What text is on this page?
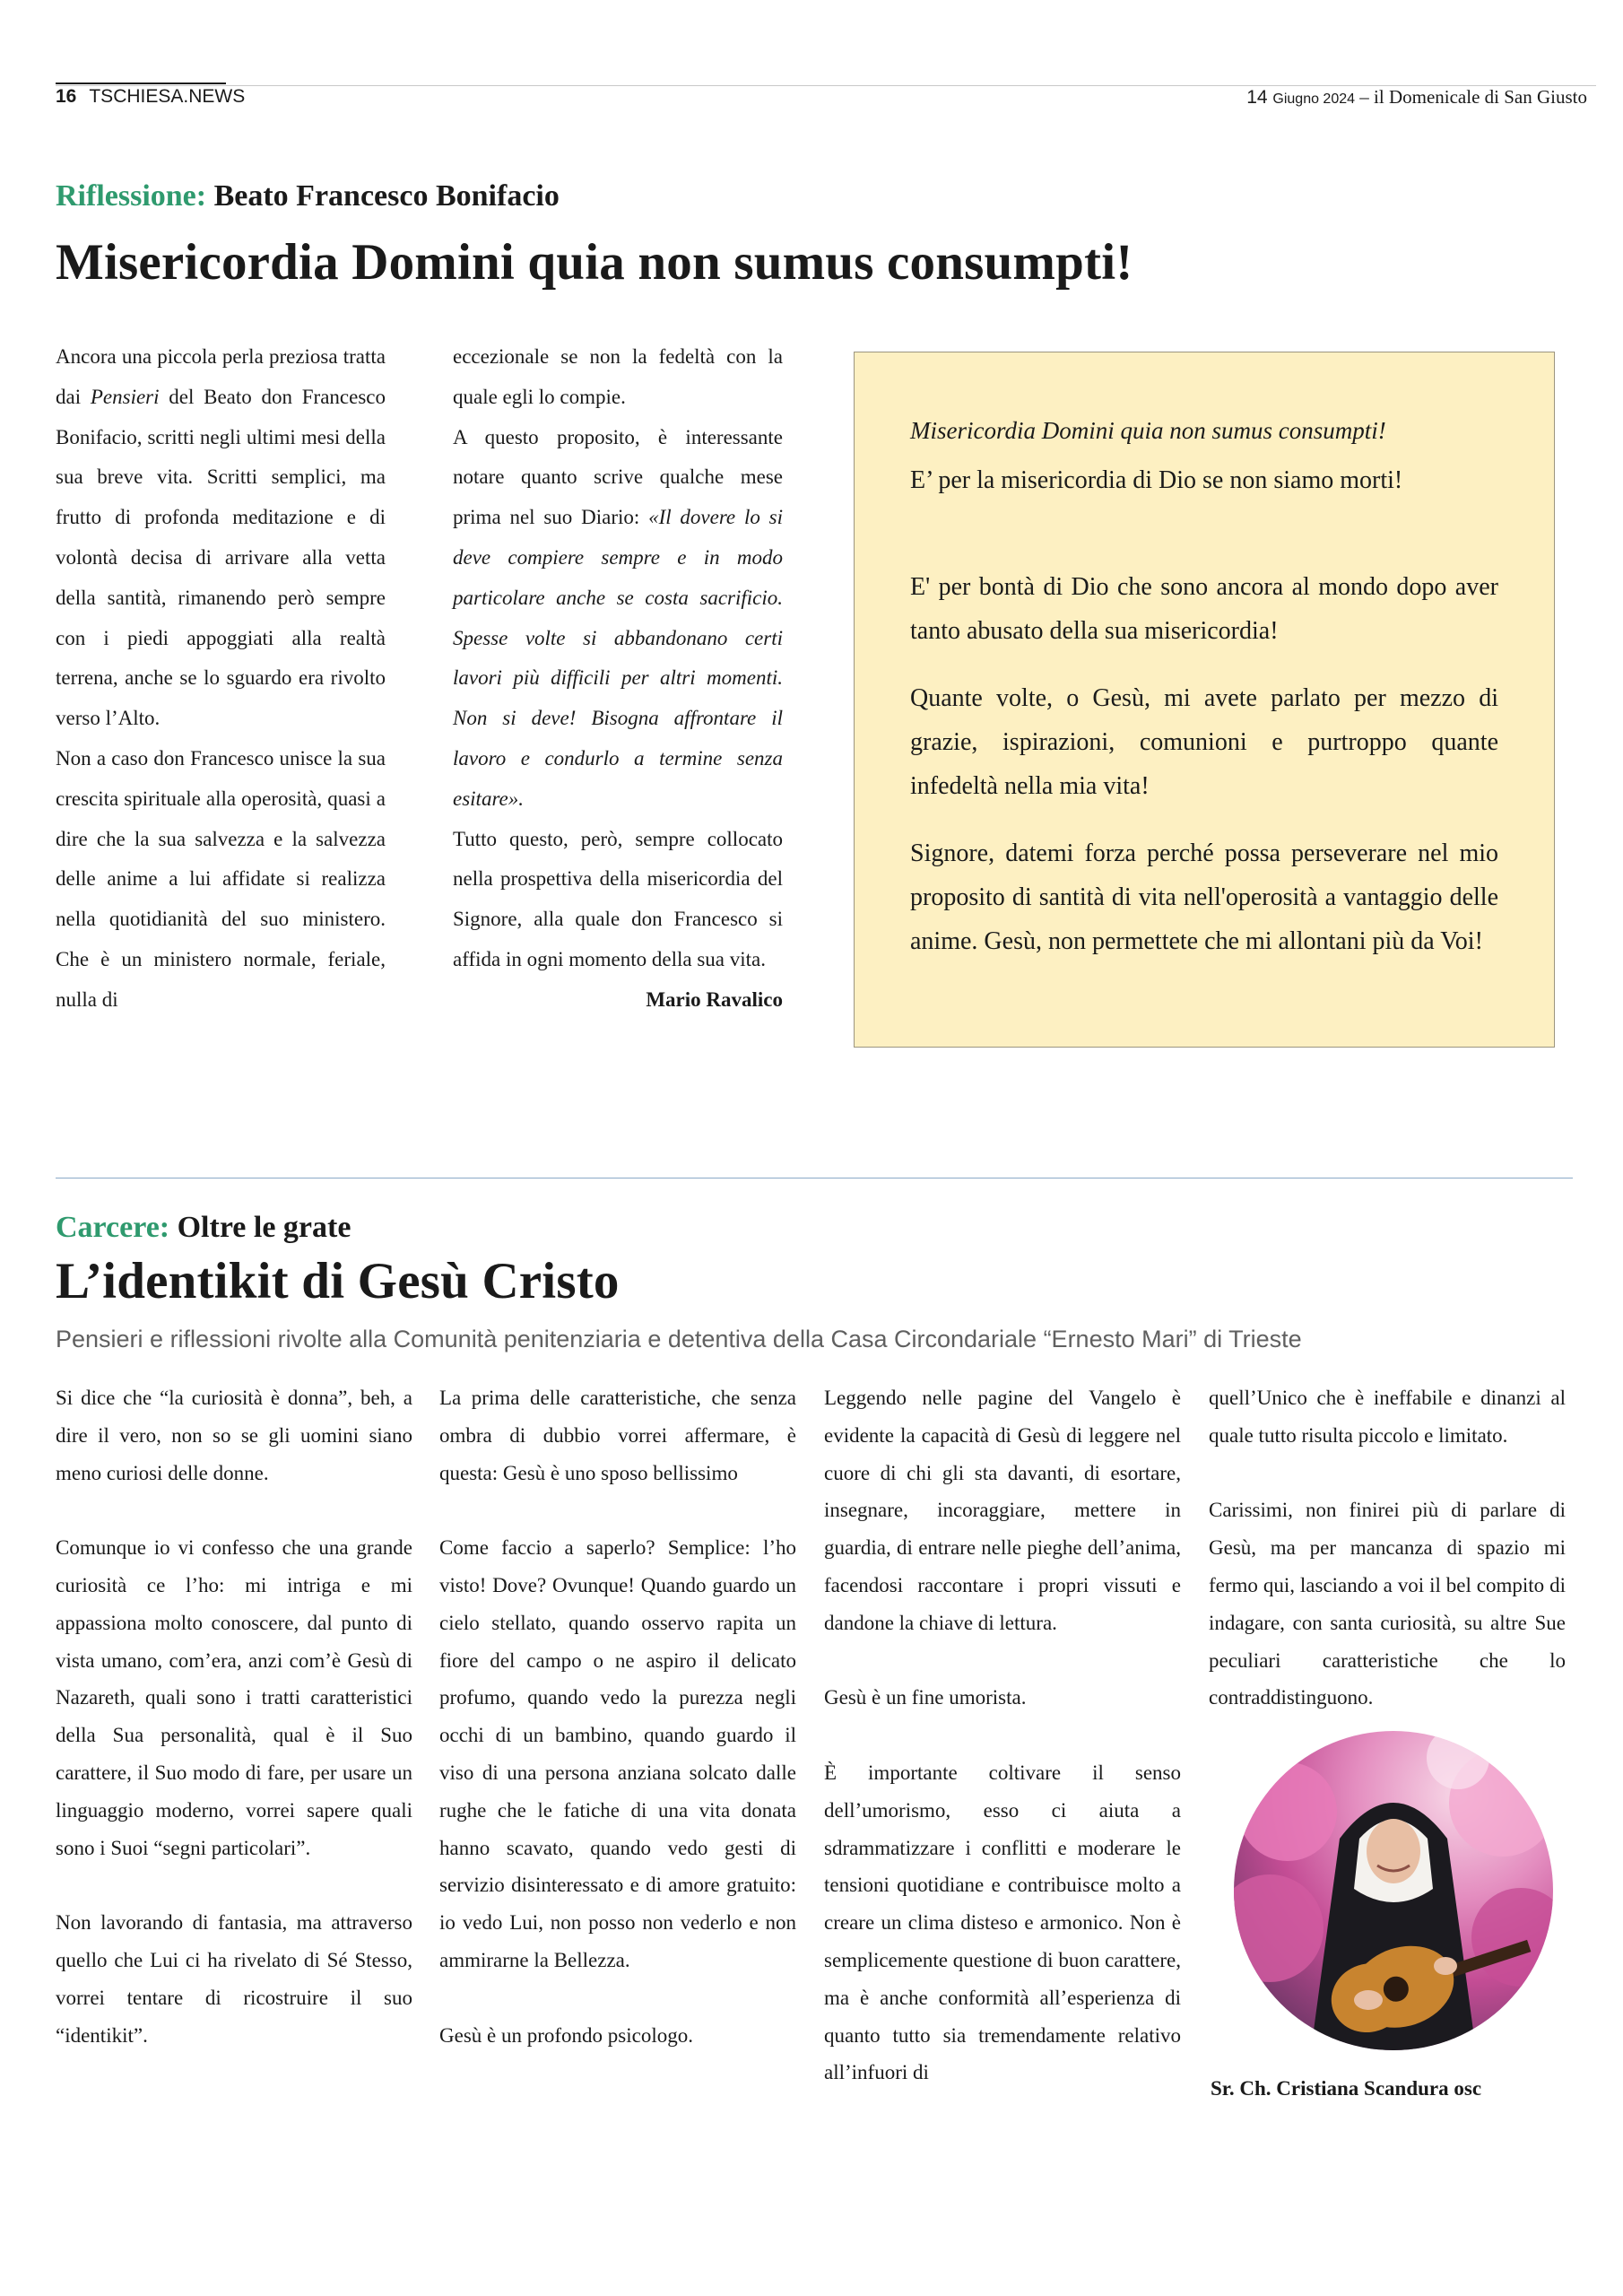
16 TSCHIESA.NEWS	14 Giugno 2024 – il Domenicale di San Giusto
Riflessione: Beato Francesco Bonifacio
Misericordia Domini quia non sumus consumpti!

Ancora una piccola perla preziosa tratta dai Pensieri del Beato don Francesco Bonifacio, scritti negli ultimi mesi della sua breve vita. Scritti semplici, ma frutto di profonda meditazione e di volontà decisa di arrivare alla vetta della santità, rimanendo però sempre con i piedi appoggiati alla realtà terrena, anche se lo sguardo era rivolto verso l’Alto.

Non a caso don Francesco unisce la sua crescita spirituale alla operosità, quasi a dire che la sua salvezza e la salvezza delle anime a lui affidate si realizza nella quotidianità del suo ministero. Che è un ministero normale, feriale, nulla di

eccezionale se non la fedeltà con la quale egli lo compie.

A questo proposito, è interessante notare quanto scrive qualche mese prima nel suo Diario: «Il dovere lo si deve compiere sempre e in modo particolare anche se costa sacrificio. Spesse volte si abbandonano certi lavori più difficili per altri momenti. Non si deve! Bisogna affrontare il lavoro e condurlo a termine senza esitare».

Tutto questo, però, sempre collocato nella prospettiva della misericordia del Signore, alla quale don Francesco si affida in ogni momento della sua vita.

Mario Ravalico

Misericordia Domini quia non sumus consumpti!

E’ per la misericordia di Dio se non siamo morti!

E' per bontà di Dio che sono ancora al mondo dopo aver tanto abusato della sua misericordia!

Quante volte, o Gesù, mi avete parlato per mezzo di grazie, ispirazioni, comunioni e purtroppo quante infedeltà nella mia vita!

Signore, datemi forza perché possa perseverare nel mio proposito di santità di vita nell'operosità a vantaggio delle anime. Gesù, non permettete che mi allontani più da Voi!

Carcere: Oltre le grate
L’identikit di Gesù Cristo
Pensieri e riflessioni rivolte alla Comunità penitenziaria e detentiva della Casa Circondariale “Ernesto Mari” di Trieste

Si dice che “la curiosità è donna”, beh, a dire il vero, non so se gli uomini siano meno curiosi delle donne.

Comunque io vi confesso che una grande curiosità ce l’ho: mi intriga e mi appassiona molto conoscere, dal punto di vista umano, com’era, anzi com’è Gesù di Nazareth, quali sono i tratti caratteristici della Sua personalità, qual è il Suo carattere, il Suo modo di fare, per usare un linguaggio moderno, vorrei sapere quali sono i Suoi “segni particolari”.

Non lavorando di fantasia, ma attraverso quello che Lui ci ha rivelato di Sé Stesso, vorrei tentare di ricostruire il suo “identikit”.

La prima delle caratteristiche, che senza ombra di dubbio vorrei affermare, è questa: Gesù è uno sposo bellissimo

Come faccio a saperlo? Semplice: l’ho visto! Dove? Ovunque! Quando guardo un cielo stellato, quando osservo rapita un fiore del campo o ne aspiro il delicato profumo, quando vedo la purezza negli occhi di un bambino, quando guardo il viso di una persona anziana solcato dalle rughe che le fatiche di una vita donata hanno scavato, quando vedo gesti di servizio disinteressato e di amore gratuito: io vedo Lui, non posso non vederlo e non ammirarne la Bellezza.

Gesù è un profondo psicologo.

Leggendo nelle pagine del Vangelo è evidente la capacità di Gesù di leggere nel cuore di chi gli sta davanti, di esortare, insegnare, incoraggiare, mettere in guardia, di entrare nelle pieghe dell’anima, facendosi raccontare i propri vissuti e dandone la chiave di lettura.

Gesù è un fine umorista.

È importante coltivare il senso dell’umorismo, esso ci aiuta a sdrammatizzare i conflitti e moderare le tensioni quotidiane e contribuisce molto a creare un clima disteso e armonico. Non è semplicemente questione di buon carattere, ma è anche conformità all’esperienza di quanto tutto sia tremendamente relativo all’infuori di

quell’Unico che è ineffabile e dinanzi al quale tutto risulta piccolo e limitato.

Carissimi, non finirei più di parlare di Gesù, ma per mancanza di spazio mi fermo qui, lasciando a voi il bel compito di indagare, con santa curiosità, su altre Sue peculiari caratteristiche che lo contraddistinguono.

Sr. Ch. Cristiana Scandura osc
